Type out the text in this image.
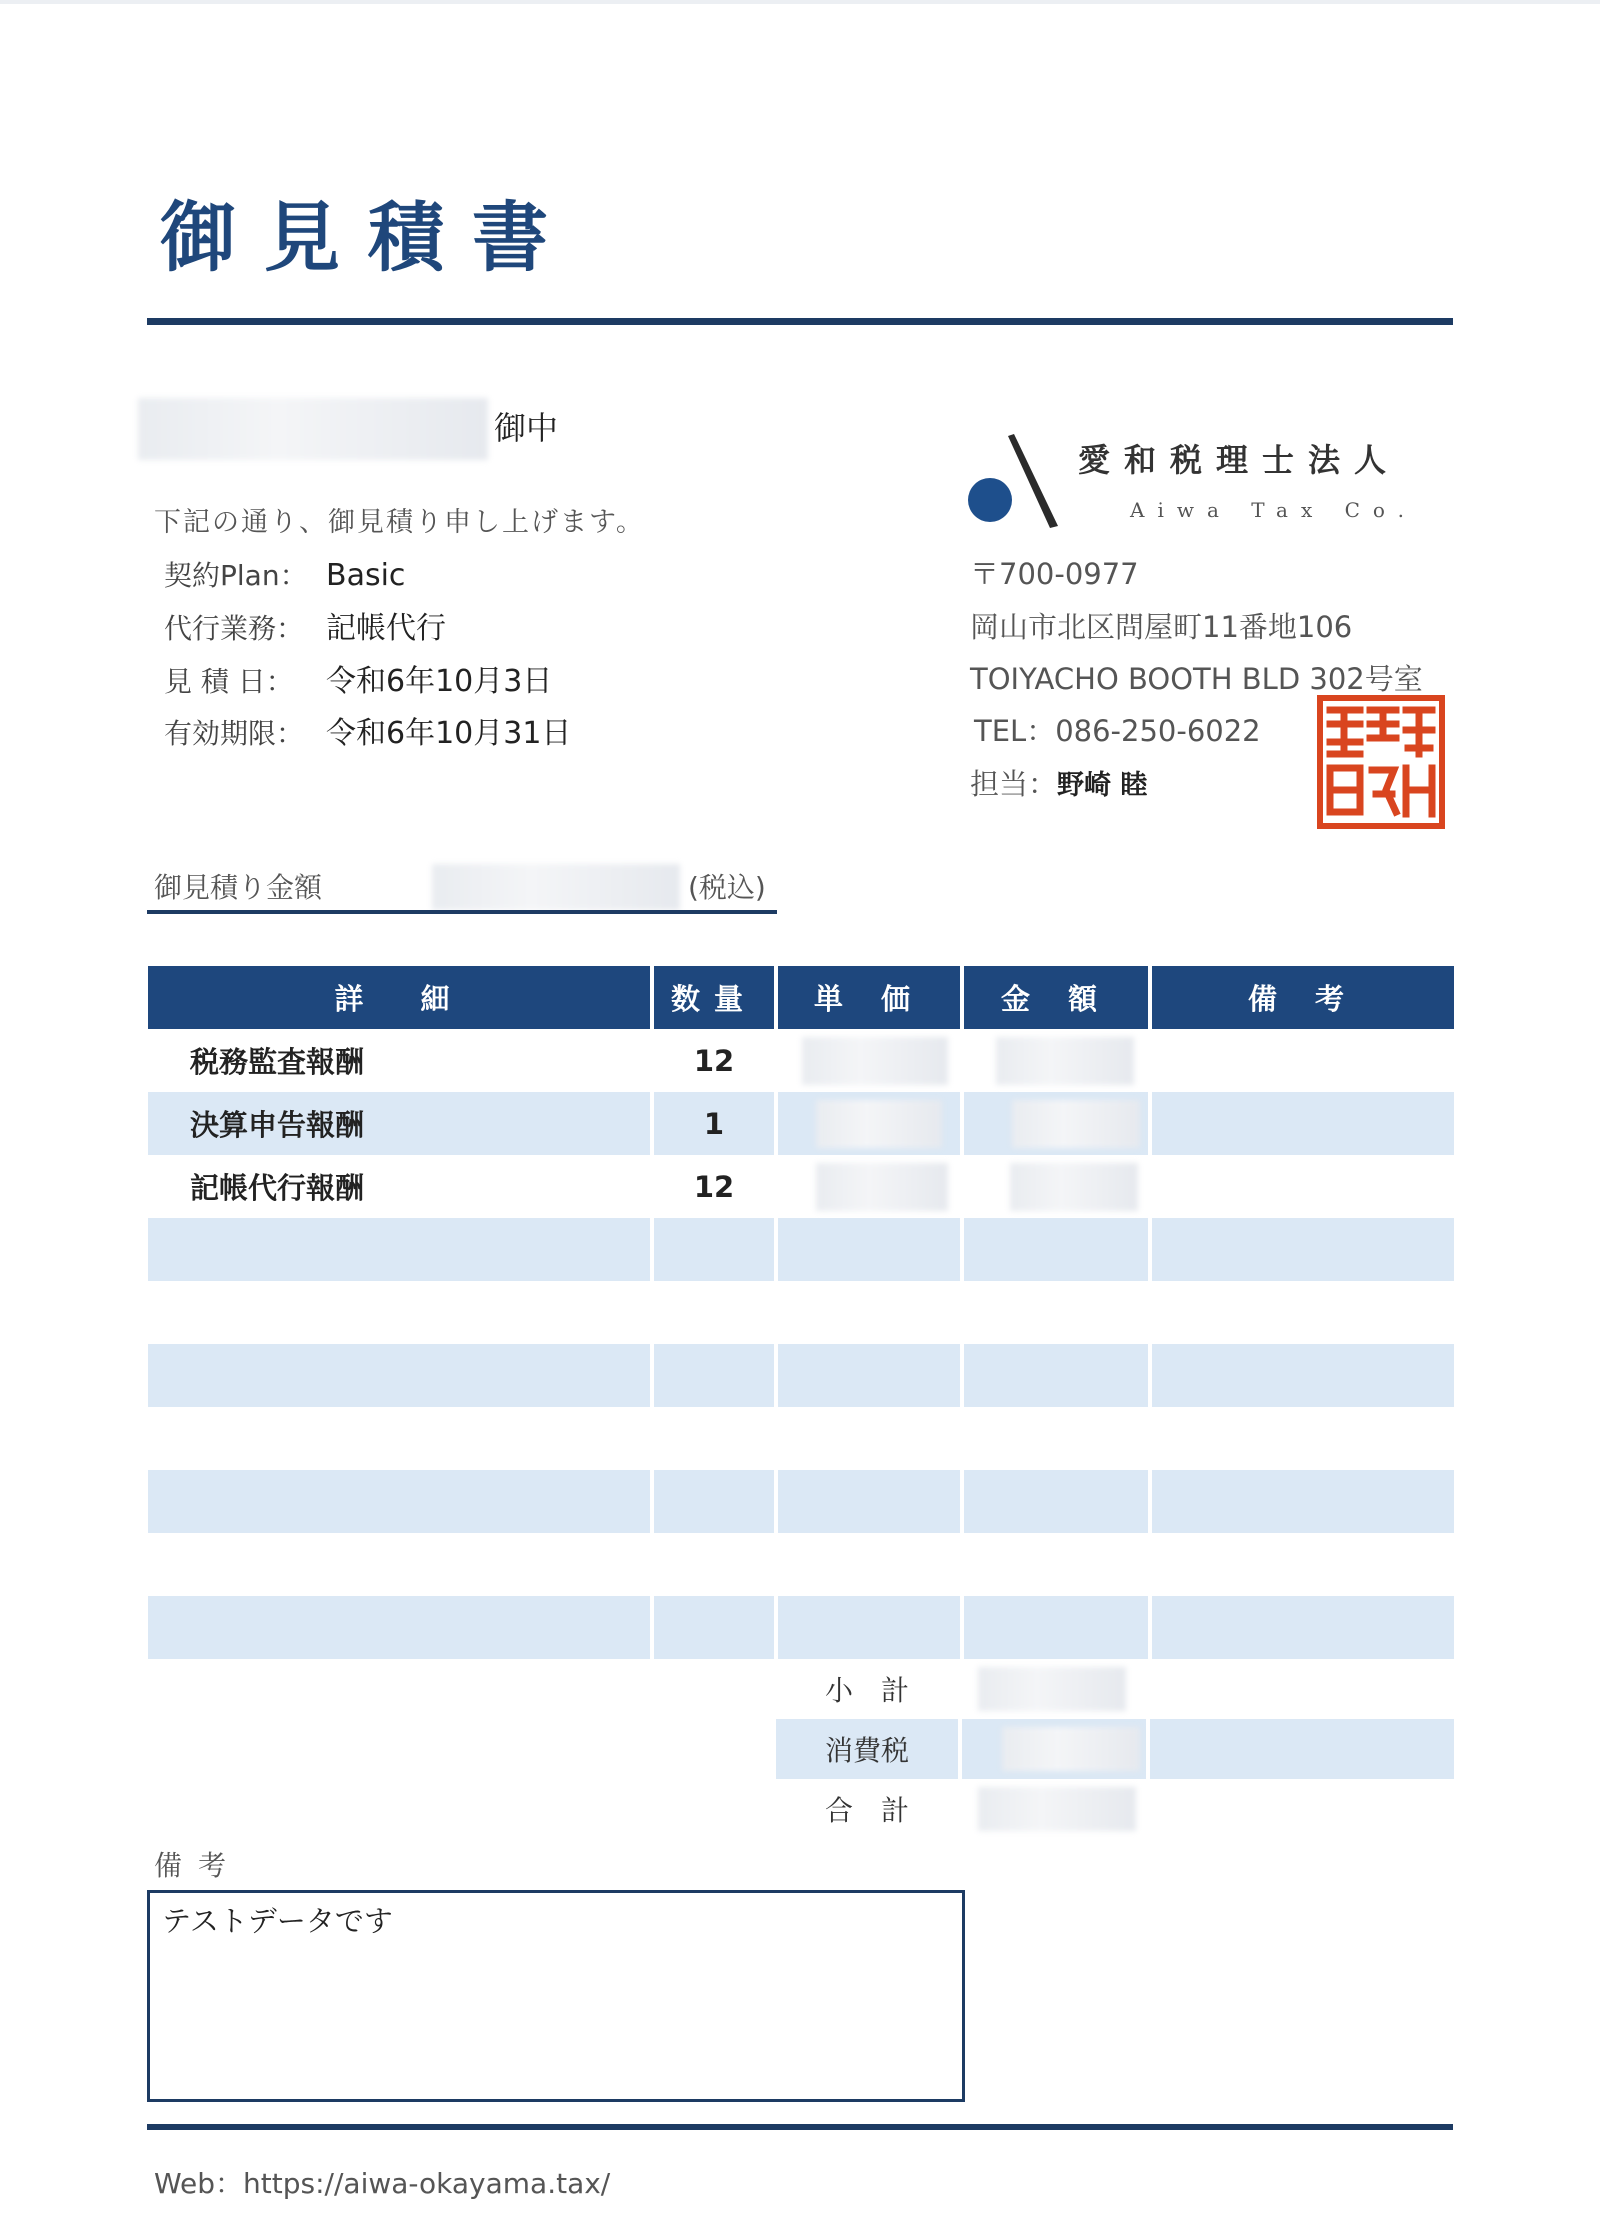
御見積書
御中
下記の通り、御見積り申し上げます。
契約Plan： Basic
代行業務： 記帳代行
見 積 日： 令和6年10月3日
有効期限： 令和6年10月31日
愛和税理士法人
Aiwa Tax Co.
〒700-0977
岡山市北区問屋町11番地106
TOIYACHO BOOTH BLD 302号室
TEL：086-250-6022
担当：野崎 睦
御見積り金額	(税込)
詳　細	数量	単 価	金 額	備 考
税務監査報酬	12
決算申告報酬	1
記帳代行報酬	12
小　計
消費税
合　計
備考
テストデータです
Web：https://aiwa-okayama.tax/
